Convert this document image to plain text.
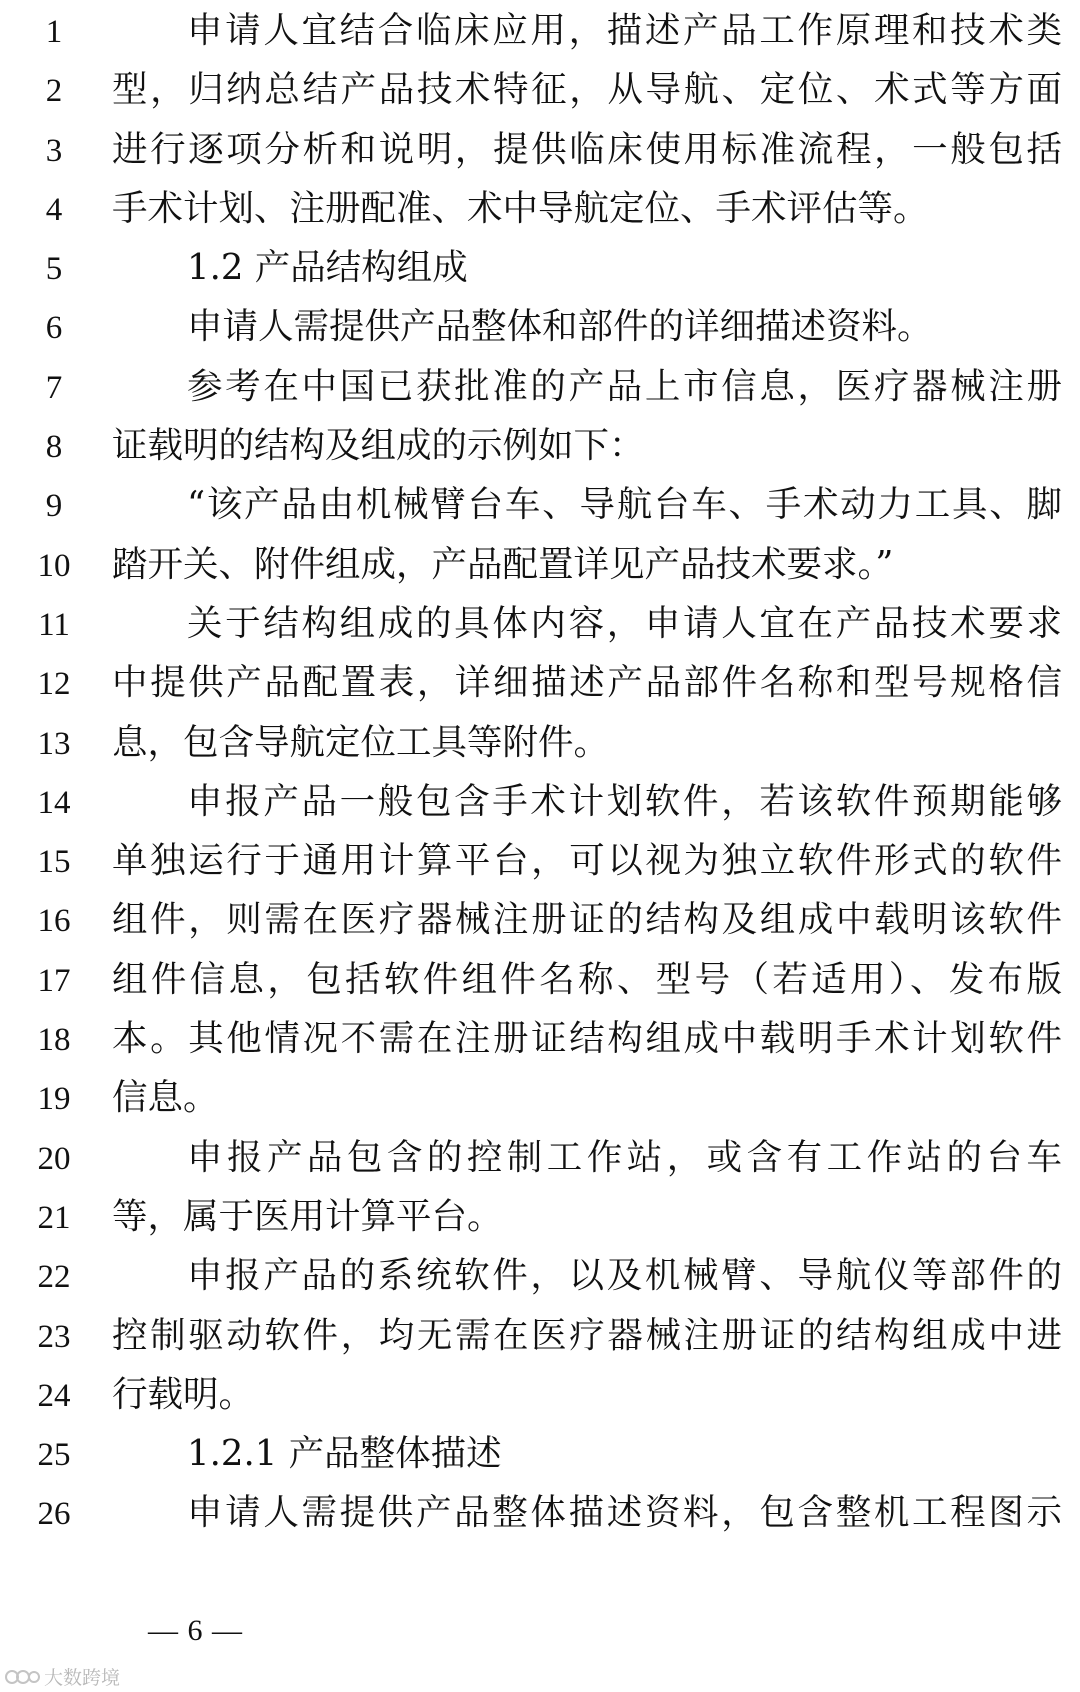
1	申请人宜结合临床应用，描述产品工作原理和技术类
2	型，归纳总结产品技术特征，从导航、定位、术式等方面
3	进行逐项分析和说明，提供临床使用标准流程，一般包括
4	手术计划、注册配准、术中导航定位、手术评估等。
5	1.2 产品结构组成
6	申请人需提供产品整体和部件的详细描述资料。
7	参考在中国已获批准的产品上市信息，医疗器械注册
8	证载明的结构及组成的示例如下：
9	“该产品由机械臂台车、导航台车、手术动力工具、脚
10	踏开关、附件组成，产品配置详见产品技术要求。”
11	关于结构组成的具体内容，申请人宜在产品技术要求
12	中提供产品配置表，详细描述产品部件名称和型号规格信
13	息，包含导航定位工具等附件。
14	申报产品一般包含手术计划软件，若该软件预期能够
15	单独运行于通用计算平台，可以视为独立软件形式的软件
16	组件，则需在医疗器械注册证的结构及组成中载明该软件
17	组件信息，包括软件组件名称、型号（若适用）、发布版
18	本。其他情况不需在注册证结构组成中载明手术计划软件
19	信息。
20	申报产品包含的控制工作站，或含有工作站的台车
21	等，属于医用计算平台。
22	申报产品的系统软件，以及机械臂、导航仪等部件的
23	控制驱动软件，均无需在医疗器械注册证的结构组成中进
24	行载明。
25	1.2.1 产品整体描述
26	申请人需提供产品整体描述资料，包含整机工程图示
— 6 —
大数跨境
